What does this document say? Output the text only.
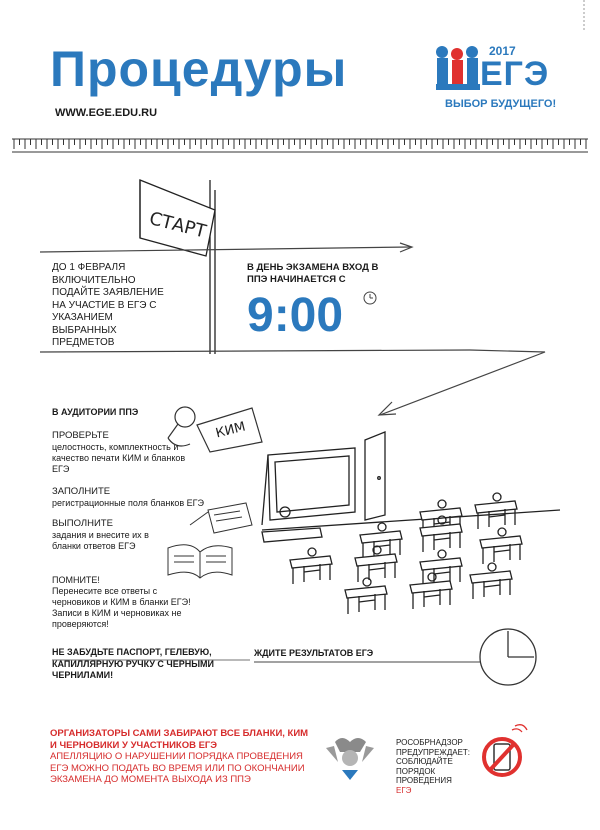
СТАРТ
КИМ
Процедуры
WWW.EGE.EDU.RU
2017
ЕГЭ
ВЫБОР БУДУЩЕГО!
ДО 1 ФЕВРАЛЯ ВКЛЮЧИТЕЛЬНО ПОДАЙТЕ ЗАЯВЛЕНИЕ НА УЧАСТИЕ В ЕГЭ С УКАЗАНИЕМ ВЫБРАННЫХ ПРЕДМЕТОВ
В ДЕНЬ ЭКЗАМЕНА ВХОД В ППЭ НАЧИНАЕТСЯ С
9:00
В АУДИТОРИИ ППЭ
ПРОВЕРЬТЕ
целостность, комплектность и качество печати КИМ и бланков ЕГЭ
ЗАПОЛНИТЕ
регистрационные поля бланков ЕГЭ
ВЫПОЛНИТЕ
задания и внесите их в бланки ответов ЕГЭ
ПОМНИТЕ!
Перенесите все ответы с черновиков и КИМ в бланки ЕГЭ! Записи в КИМ и черновиках не проверяются!
НЕ ЗАБУДЬТЕ ПАСПОРТ, ГЕЛЕВУЮ, КАПИЛЛЯРНУЮ РУЧКУ С ЧЕРНЫМИ ЧЕРНИЛАМИ!
ЖДИТЕ РЕЗУЛЬТАТОВ ЕГЭ
ОРГАНИЗАТОРЫ САМИ ЗАБИРАЮТ ВСЕ БЛАНКИ, КИМ И ЧЕРНОВИКИ У УЧАСТНИКОВ ЕГЭ
АПЕЛЛЯЦИЮ О НАРУШЕНИИ ПОРЯДКА ПРОВЕДЕНИЯ ЕГЭ МОЖНО ПОДАТЬ ВО ВРЕМЯ ИЛИ ПО ОКОНЧАНИИ ЭКЗАМЕНА ДО МОМЕНТА ВЫХОДА ИЗ ППЭ
РОСОБРНАДЗОР ПРЕДУПРЕЖДАЕТ: СОБЛЮДАЙТЕ ПОРЯДОК ПРОВЕДЕНИЯ
ЕГЭ
